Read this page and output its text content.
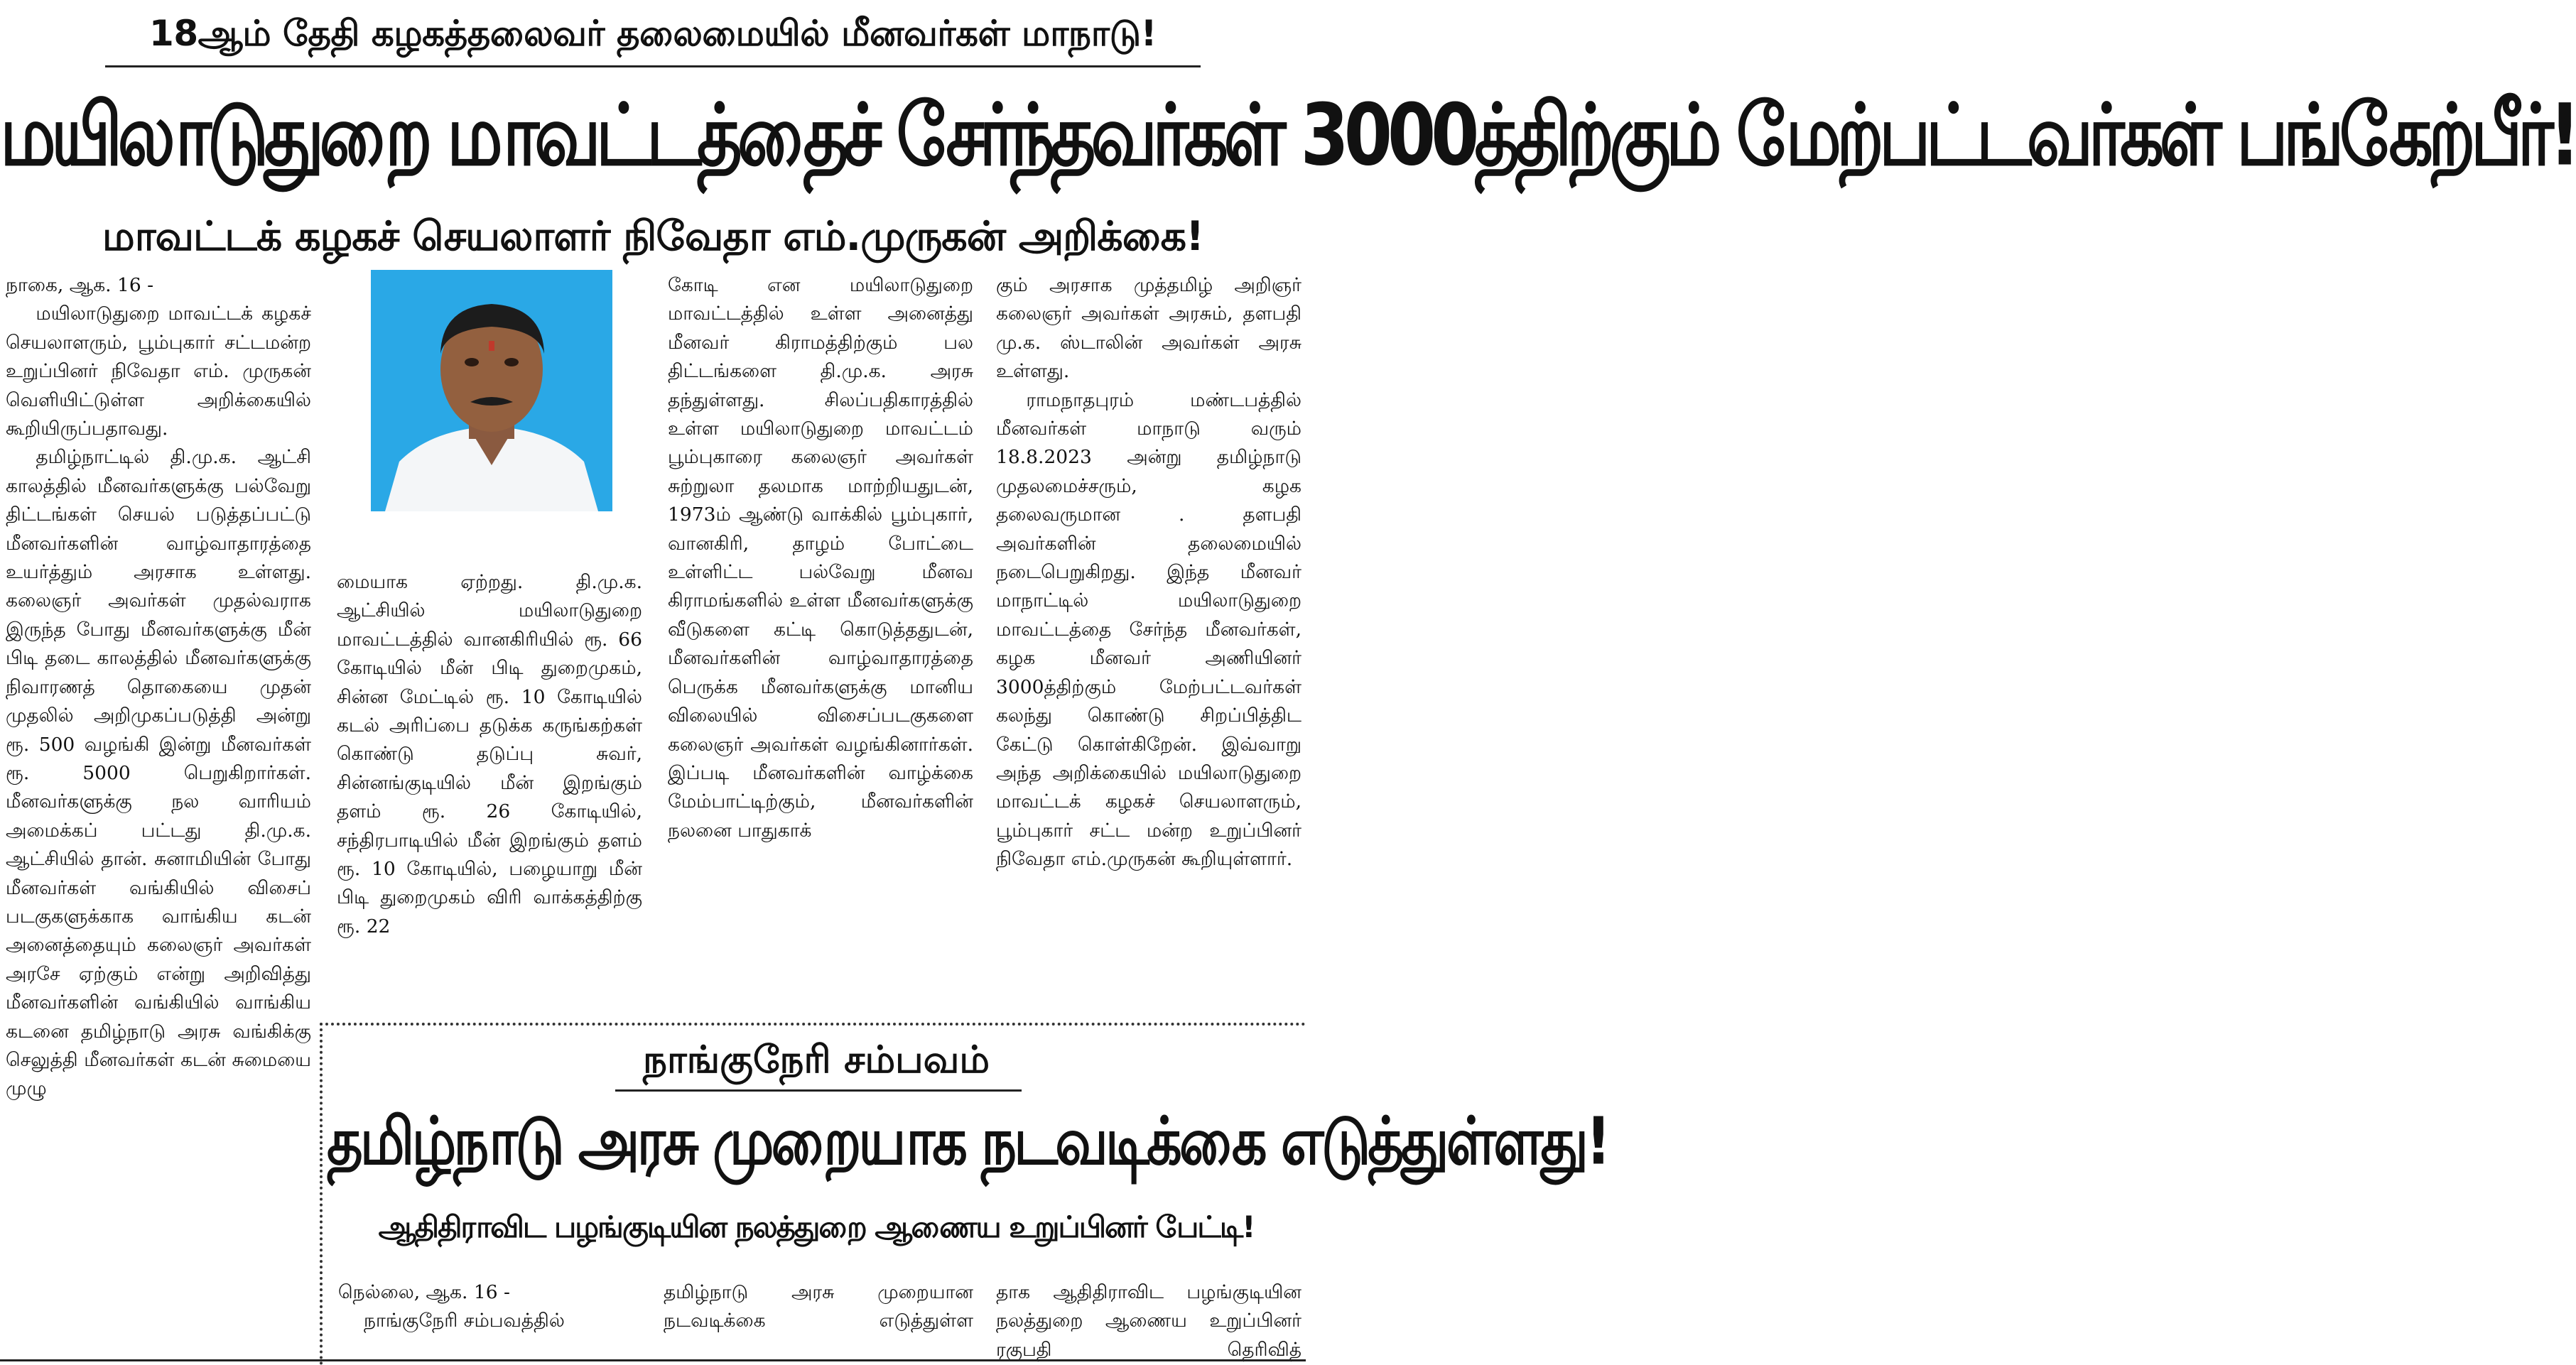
18ஆம் தேதி கழகத்தலைவர் தலைமையில் மீனவர்கள் மாநாடு!
மயிலாடுதுறை மாவட்டத்தைச் சேர்ந்தவர்கள் 3000த்திற்கும் மேற்பட்டவர்கள் பங்கேற்பீர்!
மாவட்டக் கழகச் செயலாளர் நிவேதா எம்.முருகன் அறிக்கை!

நாகை, ஆக. 16 -

மயிலாடுதுறை மாவட்டக் கழகச் செயலாளரும், பூம்புகார் சட்டமன்ற உறுப்பினர் நிவேதா எம். முருகன் வெளியிட்டுள்ள அறிக்கையில் கூறியிருப்பதாவது.

தமிழ்நாட்டில் தி.மு.க. ஆட்சி காலத்தில் மீனவர்களுக்கு பல்வேறு திட்டங்கள் செயல் படுத்தப்பட்டு மீனவர்களின் வாழ்வாதாரத்தை உயர்த்தும் அரசாக உள்ளது. கலைஞர் அவர்கள் முதல்வராக இருந்த போது மீனவர்களுக்கு மீன் பிடி தடை காலத்தில் மீனவர்களுக்கு நிவாரணத் தொகையை முதன் முதலில் அறிமுகப்படுத்தி அன்று ரூ. 500 வழங்கி இன்று மீனவர்கள் ரூ. 5000 பெறுகிறார்கள். மீனவர்களுக்கு நல வாரியம் அமைக்கப் பட்டது தி.மு.க. ஆட்சியில் தான். சுனாமியின் போது மீனவர்கள் வங்கியில் விசைப் படகுகளுக்காக வாங்கிய கடன் அனைத்தையும் கலைஞர் அவர்கள் அரசே ஏற்கும் என்று அறிவித்து மீனவர்களின் வங்கியில் வாங்கிய கடனை தமிழ்நாடு அரசு வங்கிக்கு செலுத்தி மீனவர்கள் கடன் சுமையை முழு

மையாக ஏற்றது. தி.மு.க. ஆட்சியில் மயிலாடுதுறை மாவட்டத்தில் வானகிரியில் ரூ. 66 கோடியில் மீன் பிடி துறைமுகம், சின்ன மேட்டில் ரூ. 10 கோடியில் கடல் அரிப்பை தடுக்க கருங்கற்கள் கொண்டு தடுப்பு சுவர், சின்னங்குடியில் மீன் இறங்கும் தளம் ரூ. 26 கோடியில், சந்திரபாடியில் மீன் இறங்கும் தளம் ரூ. 10 கோடியில், பழையாறு மீன் பிடி துறைமுகம் விரி வாக்கத்திற்கு ரூ. 22

கோடி என மயிலாடுதுறை மாவட்டத்தில் உள்ள அனைத்து மீனவர் கிராமத்திற்கும் பல திட்டங்களை தி.மு.க. அரசு தந்துள்ளது. சிலப்பதிகாரத்தில் உள்ள மயிலாடுதுறை மாவட்டம் பூம்புகாரை கலைஞர் அவர்கள் சுற்றுலா தலமாக மாற்றியதுடன், 1973ம் ஆண்டு வாக்கில் பூம்புகார், வானகிரி, தாழம் போட்டை உள்ளிட்ட பல்வேறு மீனவ கிராமங்களில் உள்ள மீனவர்களுக்கு வீடுகளை கட்டி கொடுத்ததுடன், மீனவர்களின் வாழ்வாதாரத்தை பெருக்க மீனவர்களுக்கு மானிய விலையில் விசைப்படகுகளை கலைஞர் அவர்கள் வழங்கினார்கள். இப்படி மீனவர்களின் வாழ்க்கை மேம்பாட்டிற்கும், மீனவர்களின் நலனை பாதுகாக்

கும் அரசாக முத்தமிழ் அறிஞர் கலைஞர் அவர்கள் அரசும், தளபதி மு.க. ஸ்டாலின் அவர்கள் அரசு உள்ளது.

ராமநாதபுரம் மண்டபத்தில் மீனவர்கள் மாநாடு வரும் 18.8.2023 அன்று தமிழ்நாடு முதலமைச்சரும், கழக தலைவருமான . தளபதி அவர்களின் தலைமையில் நடைபெறுகிறது. இந்த மீனவர் மாநாட்டில் மயிலாடுதுறை மாவட்டத்தை சேர்ந்த மீனவர்கள், கழக மீனவர் அணியினர் 3000த்திற்கும் மேற்பட்டவர்கள் கலந்து கொண்டு சிறப்பித்திட கேட்டு கொள்கிறேன். இவ்வாறு அந்த அறிக்கையில் மயிலாடுதுறை மாவட்டக் கழகச் செயலாளரும், பூம்புகார் சட்ட மன்ற உறுப்பினர் நிவேதா எம்.முருகன் கூறியுள்ளார்.

நாங்குநேரி சம்பவம்
தமிழ்நாடு அரசு முறையாக நடவடிக்கை எடுத்துள்ளது!
ஆதிதிராவிட பழங்குடியின நலத்துறை ஆணைய உறுப்பினர் பேட்டி!

நெல்லை, ஆக. 16 -

நாங்குநேரி சம்பவத்தில்

தமிழ்நாடு அரசு முறையான நடவடிக்கை எடுத்துள்ள

தாக ஆதிதிராவிட பழங்குடியின நலத்துறை ஆணைய உறுப்பினர் ரகுபதி தெரிவித்
